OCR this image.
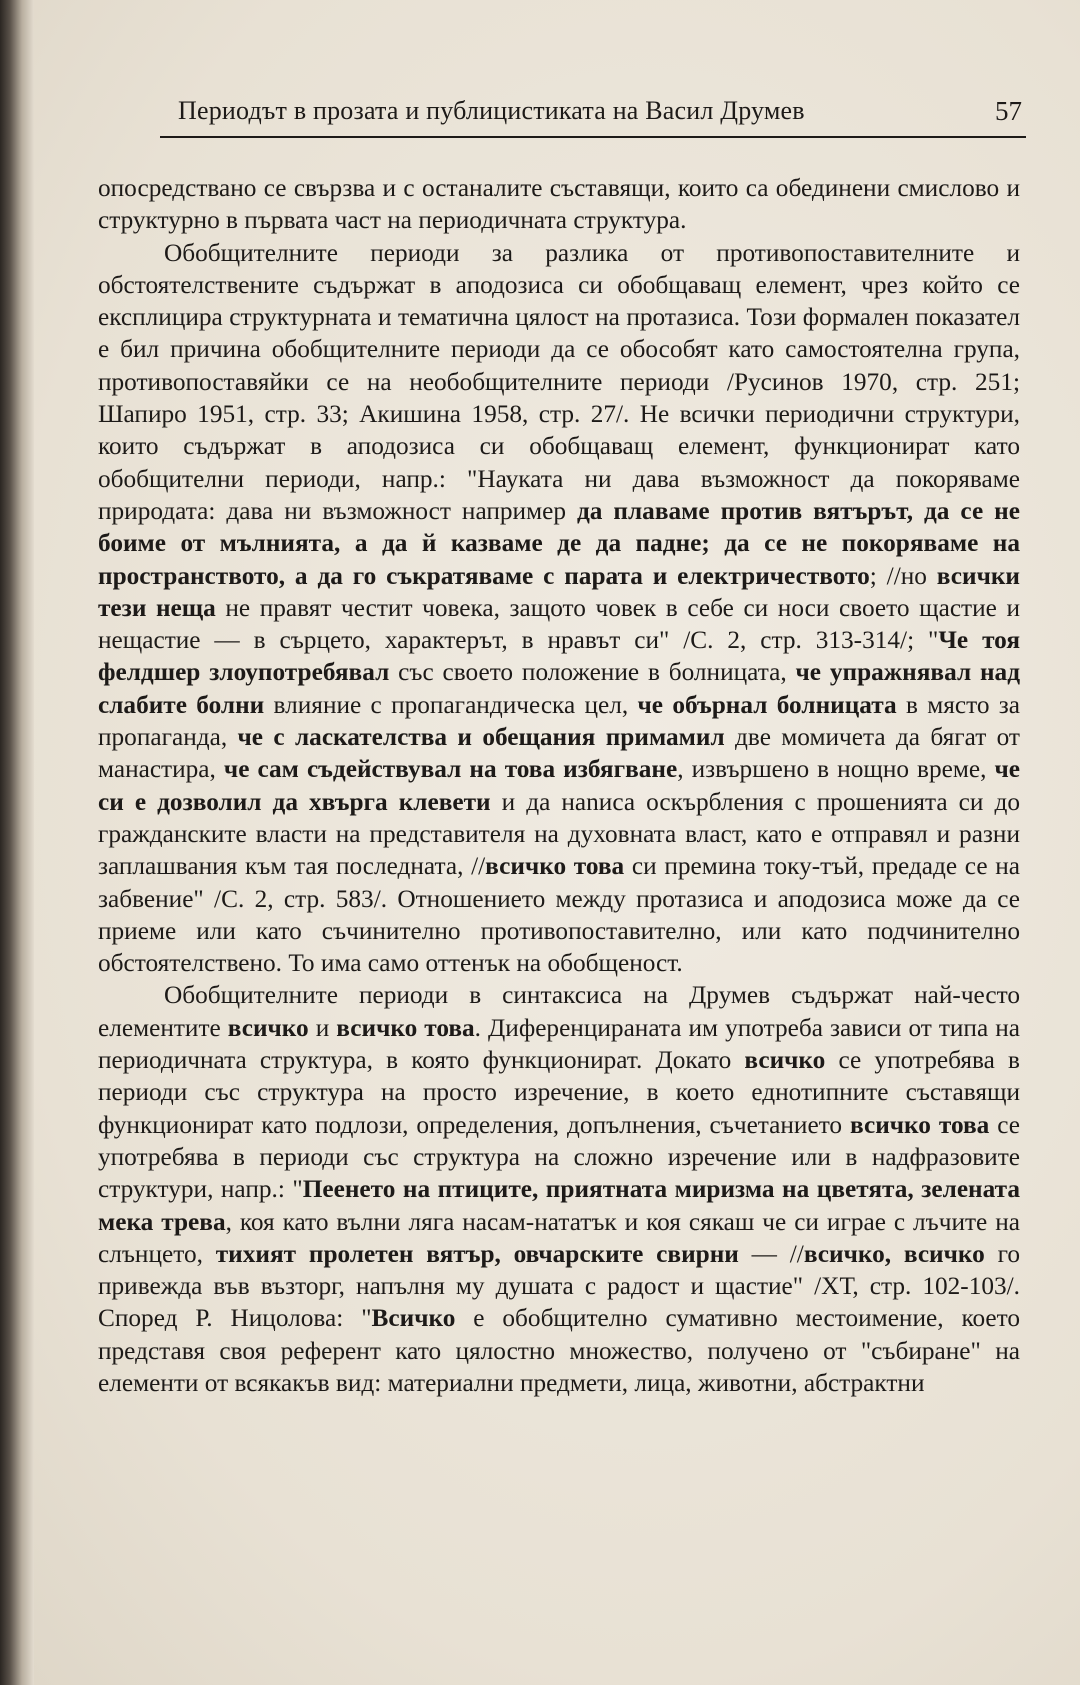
Периодът в прозата и публицистиката на Васил Друмев	57

опосредствано се свързва и с останалите съставящи, които са обединени смислово и структурно в първата част на периодичната структура.

Обобщителните периоди за разлика от противопоставителните и обстоятелствените съдържат в аподозиса си обобщаващ елемент, чрез който се експлицира структурната и тематична цялост на протазиса. Този формален показател е бил причина обобщителните периоди да се обособят като самостоятелна група, противопоставяйки се на необобщителните периоди /Русинов 1970, стр. 251; Шапиро 1951, стр. 33; Акишина 1958, стр. 27/. Не всички периодични структури, които съдържат в аподозиса си обобщаващ елемент, функционират като обобщителни периоди, напр.: "Науката ни дава възможност да покоряваме природата: дава ни възможност например да плаваме против вятърът, да се не боиме от мълнията, а да й казваме де да падне; да се не покоряваме на пространството, а да го съкратяваме с парата и електричеството; //но всички тези неща не правят честит човека, защото човек в себе си носи своето щастие и нещастие — в сърцето, характерът, в нравът си" /С. 2, стр. 313-314/; "Че тоя фелдшер злоупотребявал със своето положение в болницата, че упражнявал над слабите болни влияние с пропагандическа цел, че обърнал болницата в място за пропаганда, че с ласкателства и обещания примамил две момичета да бягат от манастира, че сам съдействувал на това избягване, извършено в нощно време, че си е дозволил да хвърга клевети и да нanиса оскърбления с прошенията си до гражданските власти на представителя на духовната власт, като е отправял и разни заплашвания към тая последната, //всичко това си премина току-тъй, предаде се на забвение" /С. 2, стр. 583/. Отношението между протазиса и аподозиса може да се приеме или като съчинително противопоставително, или като подчинително обстоятелствено. То има само оттенък на обобщеност.

Обобщителните периоди в синтаксиса на Друмев съдържат най-често елементите всичко и всичко това. Диференцираната им употреба зависи от типа на периодичната структура, в която функционират. Докато всичко се употребява в периоди със структура на просто изречение, в което еднотипните съставящи функционират като подлози, определения, допълнения, съчетанието всичко това се употребява в периоди със структура на сложно изречение или в надфразовите структури, напр.: "Пеенето на птиците, приятната миризма на цветята, зелената мека трева, коя като вълни ляга насам-нататък и коя сякаш че си играе с лъчите на слънцето, тихият пролетен вятър, овчарските свирни — //всичко, всичко го привежда във възторг, напълня му душата с радост и щастие" /ХТ, стр. 102-103/. Според Р. Ницолова: "Всичко е обобщително сумативно местоимение, което представя своя референт като цялостно множество, получено от "събиране" на елементи от всякакъв вид: материални предмети, лица, животни, абстрактни
